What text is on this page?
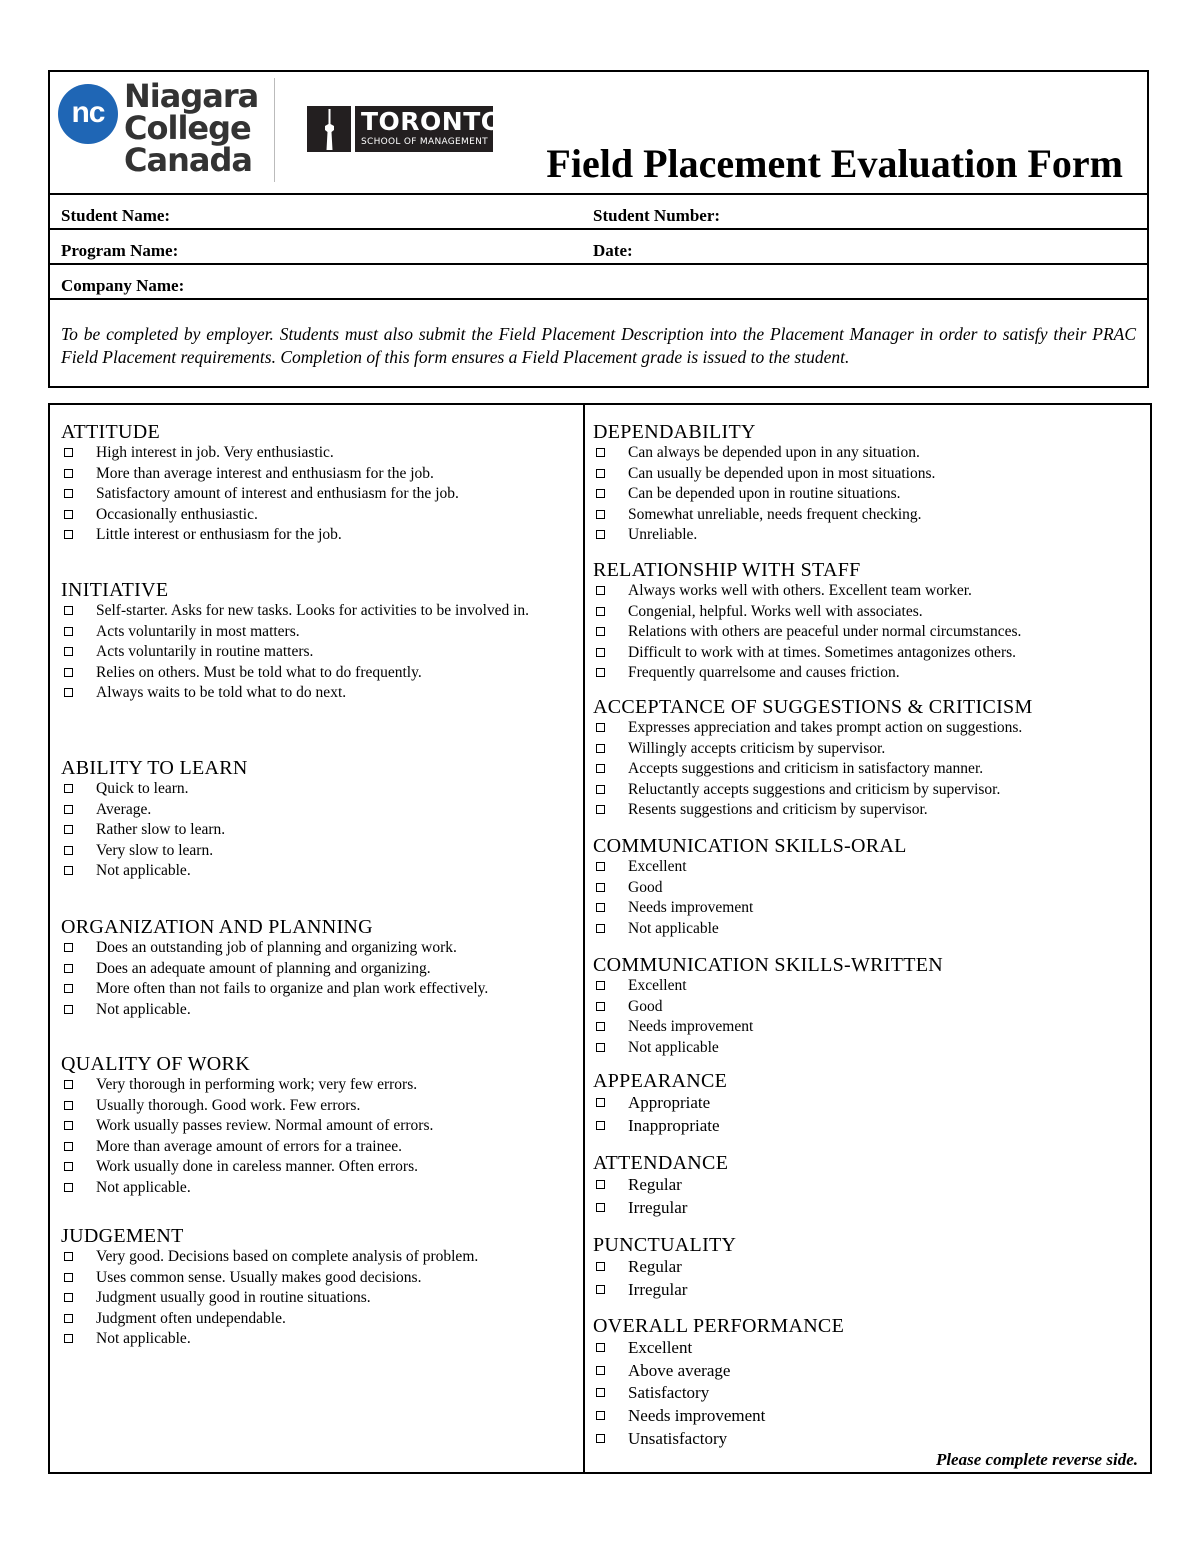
nc Niagara
College
Canada
TORONTO
SCHOOL OF MANAGEMENT Field Placement Evaluation Form
Student Name:	Student Number:
Program Name:	Date:
Company Name:
To be completed by employer. Students must also submit the Field Placement Description into the Placement Manager in order to satisfy their PRAC Field Placement requirements. Completion of this form ensures a Field Placement grade is issued to the student.
ATTITUDE
High interest in job. Very enthusiastic.
More than average interest and enthusiasm for the job.
Satisfactory amount of interest and enthusiasm for the job.
Occasionally enthusiastic.
Little interest or enthusiasm for the job.
INITIATIVE
Self-starter. Asks for new tasks. Looks for activities to be involved in.
Acts voluntarily in most matters.
Acts voluntarily in routine matters.
Relies on others. Must be told what to do frequently.
Always waits to be told what to do next.
ABILITY TO LEARN
Quick to learn.
Average.
Rather slow to learn.
Very slow to learn.
Not applicable.
ORGANIZATION AND PLANNING
Does an outstanding job of planning and organizing work.
Does an adequate amount of planning and organizing.
More often than not fails to organize and plan work effectively.
Not applicable.
QUALITY OF WORK
Very thorough in performing work; very few errors.
Usually thorough. Good work. Few errors.
Work usually passes review. Normal amount of errors.
More than average amount of errors for a trainee.
Work usually done in careless manner. Often errors.
Not applicable.
JUDGEMENT
Very good. Decisions based on complete analysis of problem.
Uses common sense. Usually makes good decisions.
Judgment usually good in routine situations.
Judgment often undependable.
Not applicable.
DEPENDABILITY
Can always be depended upon in any situation.
Can usually be depended upon in most situations.
Can be depended upon in routine situations.
Somewhat unreliable, needs frequent checking.
Unreliable.
RELATIONSHIP WITH STAFF
Always works well with others. Excellent team worker.
Congenial, helpful. Works well with associates.
Relations with others are peaceful under normal circumstances.
Difficult to work with at times. Sometimes antagonizes others.
Frequently quarrelsome and causes friction.
ACCEPTANCE OF SUGGESTIONS & CRITICISM
Expresses appreciation and takes prompt action on suggestions.
Willingly accepts criticism by supervisor.
Accepts suggestions and criticism in satisfactory manner.
Reluctantly accepts suggestions and criticism by supervisor.
Resents suggestions and criticism by supervisor.
COMMUNICATION SKILLS-ORAL
Excellent
Good
Needs improvement
Not applicable
COMMUNICATION SKILLS-WRITTEN
Excellent
Good
Needs improvement
Not applicable
APPEARANCE
Appropriate
Inappropriate
ATTENDANCE
Regular
Irregular
PUNCTUALITY
Regular
Irregular
OVERALL PERFORMANCE
Excellent
Above average
Satisfactory
Needs improvement
Unsatisfactory
Please complete reverse side.
